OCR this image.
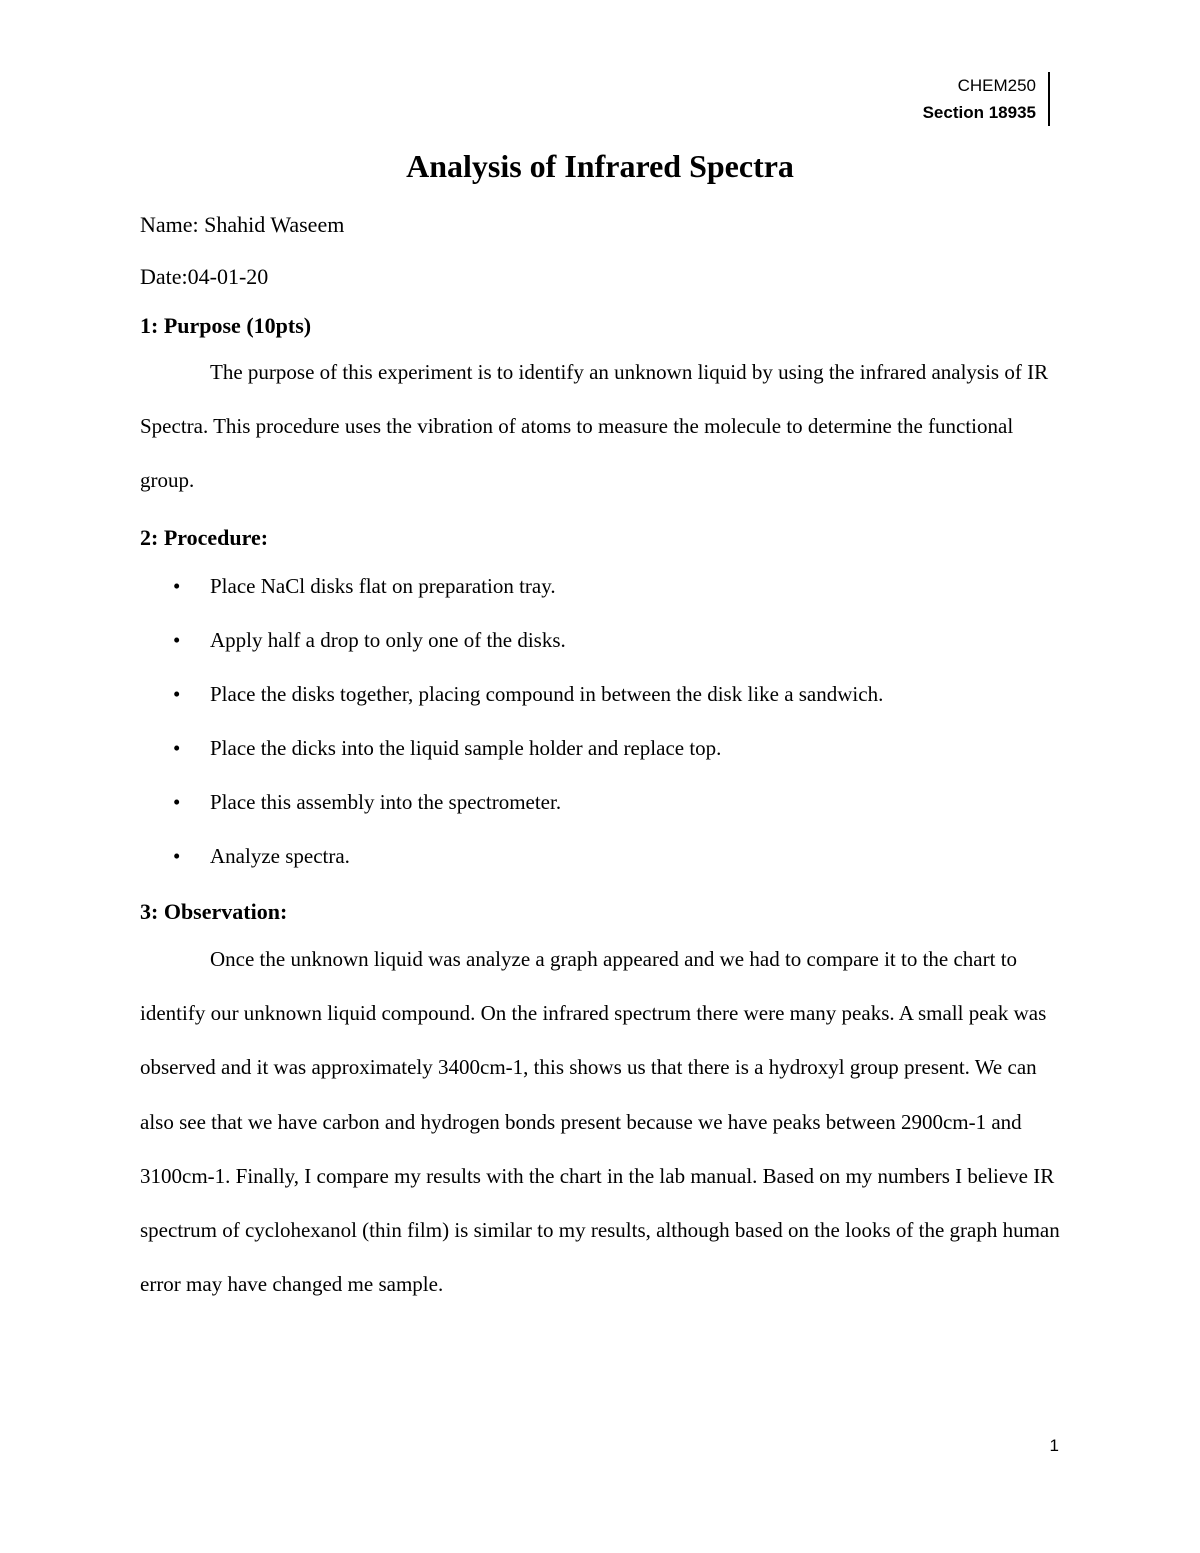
CHEM250
Section 18935
Analysis of Infrared Spectra

Name: Shahid Waseem

Date:04-01-20

1: Purpose (10pts)

The purpose of this experiment is to identify an unknown liquid by using the infrared analysis of IR Spectra. This procedure uses the vibration of atoms to measure the molecule to determine the functional group.

2: Procedure:
• Place NaCl disks flat on preparation tray.
• Apply half a drop to only one of the disks.
• Place the disks together, placing compound in between the disk like a sandwich.
• Place the dicks into the liquid sample holder and replace top.
• Place this assembly into the spectrometer.
• Analyze spectra.
3: Observation:

Once the unknown liquid was analyze a graph appeared and we had to compare it to the chart to identify our unknown liquid compound. On the infrared spectrum there were many peaks. A small peak was observed and it was approximately 3400cm-1, this shows us that there is a hydroxyl group present. We can also see that we have carbon and hydrogen bonds present because we have peaks between 2900cm-1 and 3100cm-1. Finally, I compare my results with the chart in the lab manual. Based on my numbers I believe IR spectrum of cyclohexanol (thin film) is similar to my results, although based on the looks of the graph human error may have changed me sample.

1
